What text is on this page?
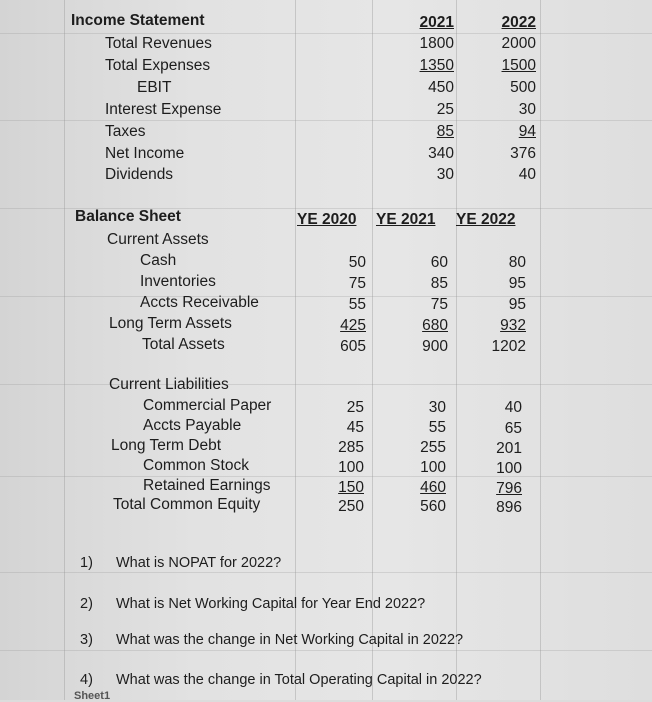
Income Statement	2021	2022
Total Revenues	1800	2000
Total Expenses	1350	1500
EBIT	450	500
Interest Expense	25	30
Taxes	85	94
Net Income	340	376
Dividends	30	40
Balance Sheet	YE 2020 YE 2021 YE 2022
Current Assets
Cash	50	60	80
Inventories	75	85	95
Accts Receivable	55	75	95
Long Term Assets	425	680	932
Total Assets	605	900	1202
Current Liabilities
Commercial Paper	25	30	40
Accts Payable	45	55	65
Long Term Debt	285	255	201
Common Stock	100	100	100
Retained Earnings	150	460	796
Total Common Equity	250	560	896
1) What is NOPAT for 2022?
2) What is Net Working Capital for Year End 2022?
3) What was the change in Net Working Capital in 2022?
4) What was the change in Total Operating Capital in 2022?
Sheet1
